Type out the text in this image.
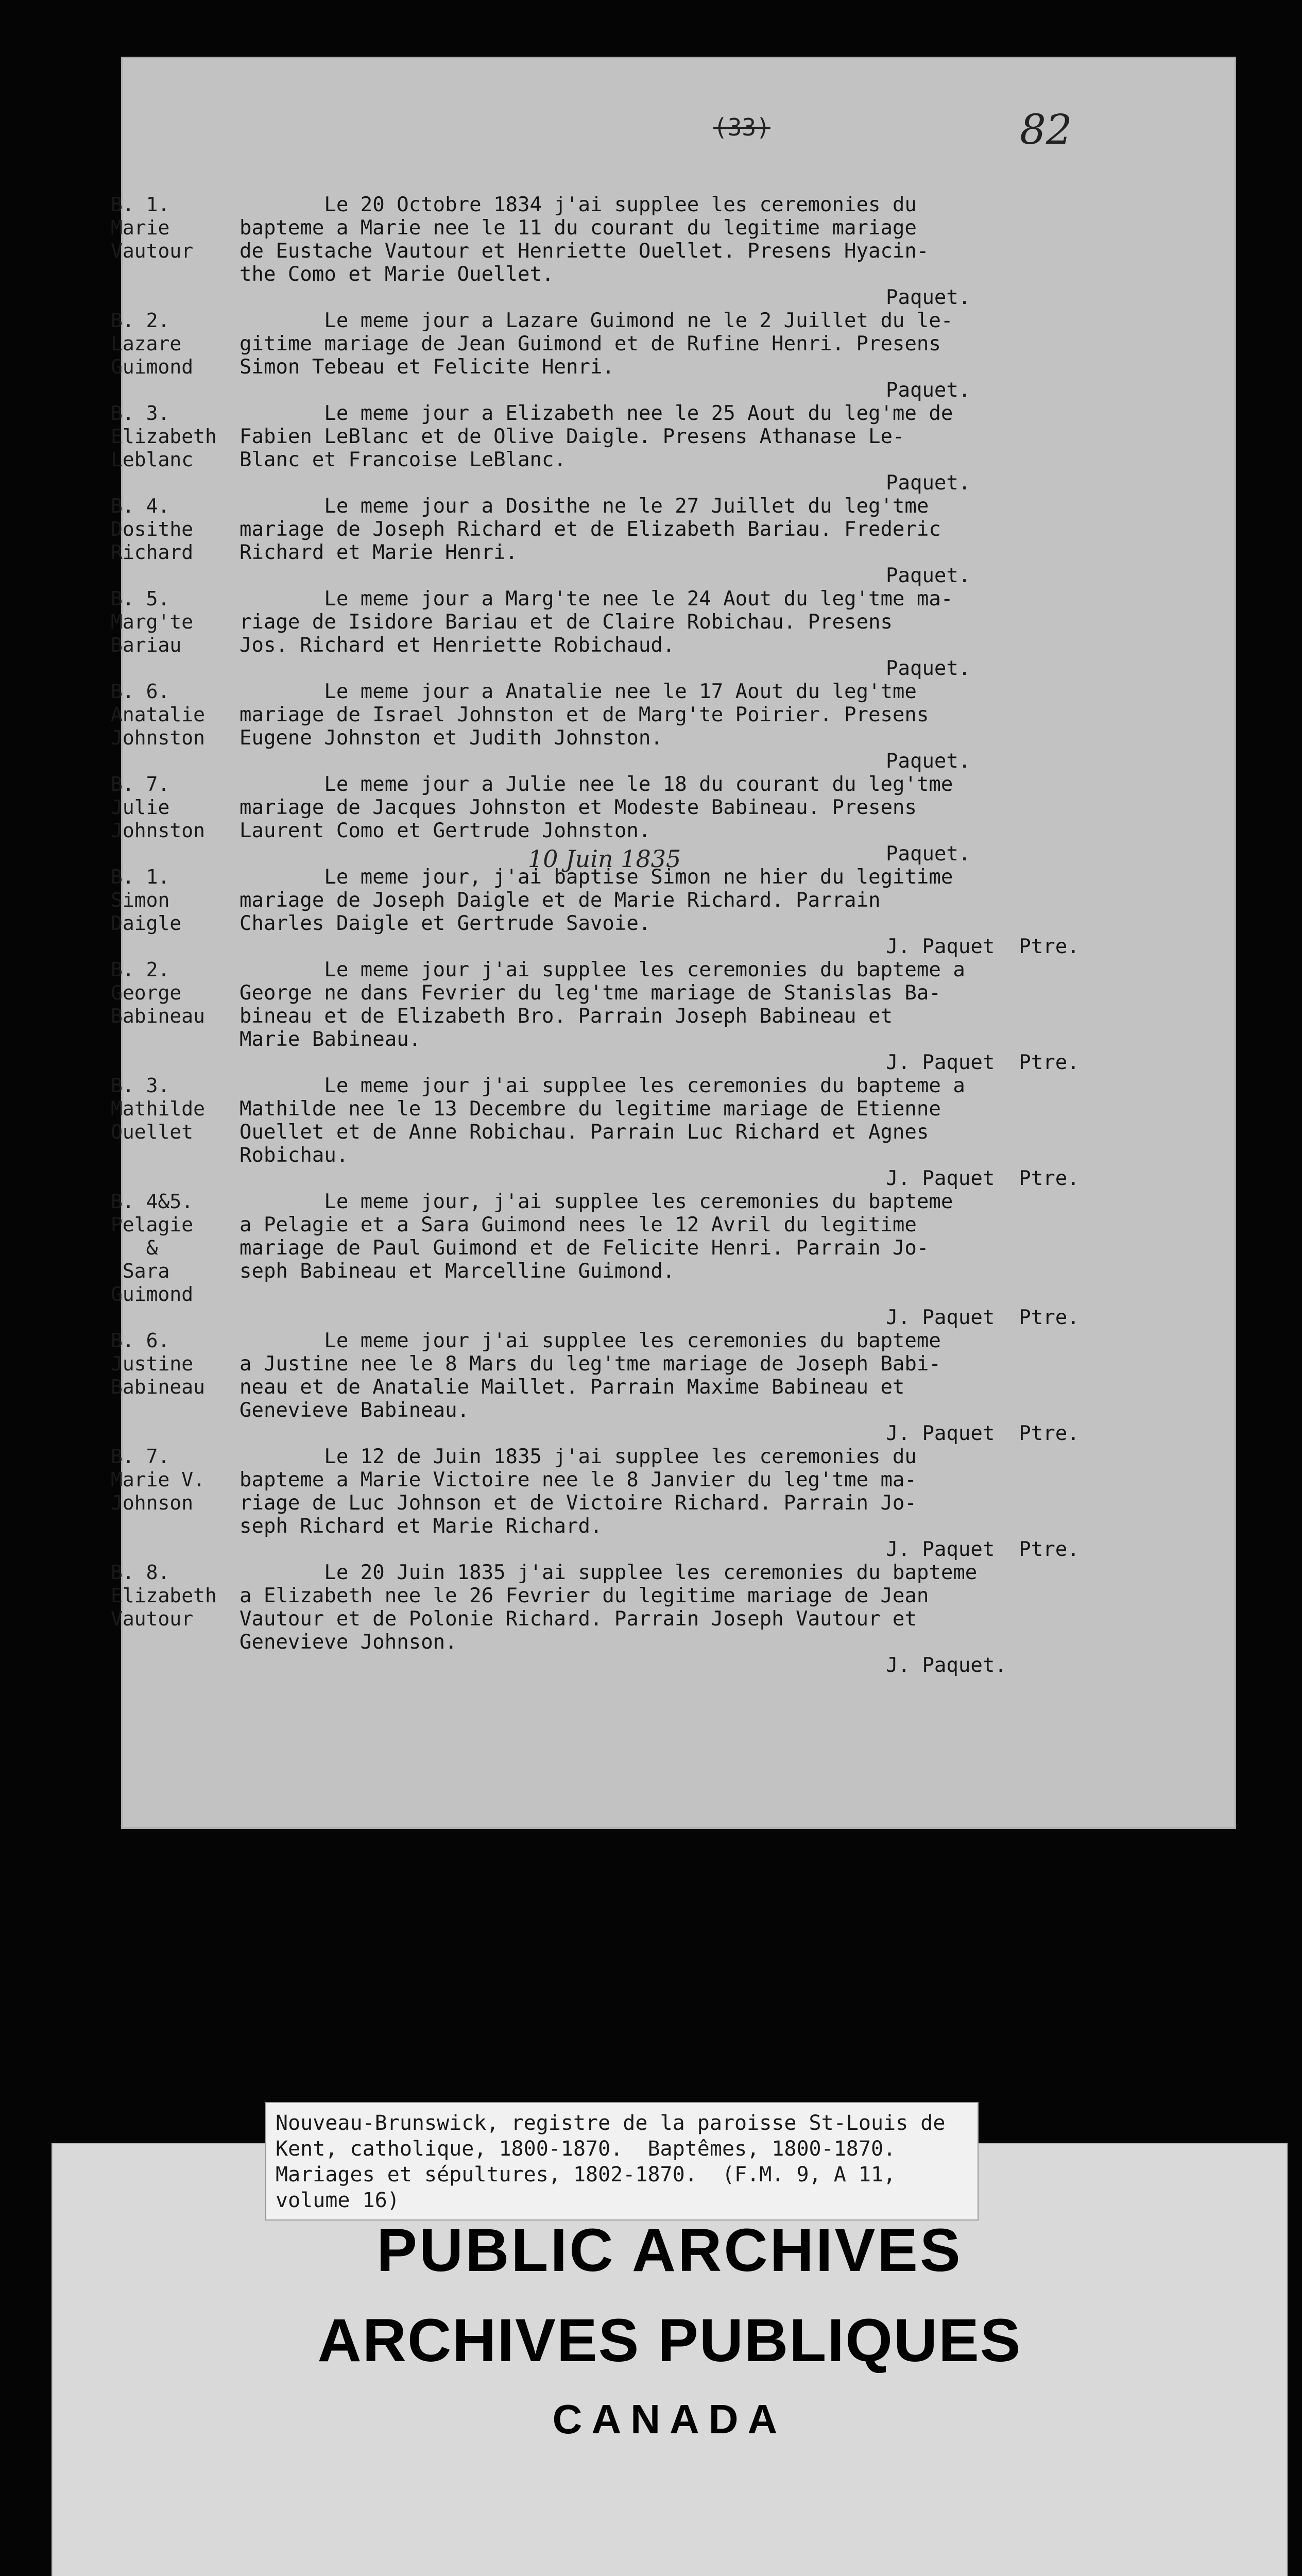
(33)	82
B. 1.
Marie
Vautour
Le 20 Octobre 1834 j'ai supplee les ceremonies du
bapteme a Marie nee le 11 du courant du legitime mariage
de Eustache Vautour et Henriette Ouellet. Presens Hyacin-
the Como et Marie Ouellet.
Paquet.
B. 2.
Lazare
Guimond
Le meme jour a Lazare Guimond ne le 2 Juillet du le-
gitime mariage de Jean Guimond et de Rufine Henri. Presens
Simon Tebeau et Felicite Henri.
Paquet.
B. 3.
Elizabeth
Leblanc
Le meme jour a Elizabeth nee le 25 Aout du leg'me de
Fabien LeBlanc et de Olive Daigle. Presens Athanase Le-
Blanc et Francoise LeBlanc.
Paquet.
B. 4.
Dosithe
Richard
Le meme jour a Dosithe ne le 27 Juillet du leg'tme
mariage de Joseph Richard et de Elizabeth Bariau. Frederic
Richard et Marie Henri.
Paquet.
B. 5.
Marg'te
Bariau
Le meme jour a Marg'te nee le 24 Aout du leg'tme ma-
riage de Isidore Bariau et de Claire Robichau. Presens
Jos. Richard et Henriette Robichaud.
Paquet.
B. 6.
Anatalie
Johnston
Le meme jour a Anatalie nee le 17 Aout du leg'tme
mariage de Israel Johnston et de Marg'te Poirier. Presens
Eugene Johnston et Judith Johnston.
Paquet.
B. 7.
Julie
Johnston
Le meme jour a Julie nee le 18 du courant du leg'tme
mariage de Jacques Johnston et Modeste Babineau. Presens
Laurent Como et Gertrude Johnston.
Paquet.
10 Juin 1835
B. 1.
Simon
Daigle
Le meme jour, j'ai baptise Simon ne hier du legitime
mariage de Joseph Daigle et de Marie Richard. Parrain
Charles Daigle et Gertrude Savoie.
J. Paquet  Ptre.
B. 2.
George
Babineau
Le meme jour j'ai supplee les ceremonies du bapteme a
George ne dans Fevrier du leg'tme mariage de Stanislas Ba-
bineau et de Elizabeth Bro. Parrain Joseph Babineau et
Marie Babineau.
J. Paquet  Ptre.
B. 3.
Mathilde
Ouellet
Le meme jour j'ai supplee les ceremonies du bapteme a
Mathilde nee le 13 Decembre du legitime mariage de Etienne
Ouellet et de Anne Robichau. Parrain Luc Richard et Agnes
Robichau.
J. Paquet  Ptre.
B. 4&5.
Pelagie
&
Sara
Guimond
Le meme jour, j'ai supplee les ceremonies du bapteme
a Pelagie et a Sara Guimond nees le 12 Avril du legitime
mariage de Paul Guimond et de Felicite Henri. Parrain Jo-
seph Babineau et Marcelline Guimond.
J. Paquet  Ptre.
B. 6.
Justine
Babineau
Le meme jour j'ai supplee les ceremonies du bapteme
a Justine nee le 8 Mars du leg'tme mariage de Joseph Babi-
neau et de Anatalie Maillet. Parrain Maxime Babineau et
Genevieve Babineau.
J. Paquet  Ptre.
B. 7.
Marie V.
Johnson
Le 12 de Juin 1835 j'ai supplee les ceremonies du
bapteme a Marie Victoire nee le 8 Janvier du leg'tme ma-
riage de Luc Johnson et de Victoire Richard. Parrain Jo-
seph Richard et Marie Richard.
J. Paquet  Ptre.
B. 8.
Elizabeth
Vautour
Le 20 Juin 1835 j'ai supplee les ceremonies du bapteme
a Elizabeth nee le 26 Fevrier du legitime mariage de Jean
Vautour et de Polonie Richard. Parrain Joseph Vautour et
Genevieve Johnson.
J. Paquet.
Nouveau-Brunswick, registre de la paroisse St-Louis de Kent, catholique, 1800-1870.  Baptêmes, 1800-1870. Mariages et sépultures, 1802-1870.  (F.M. 9, A 11, volume 16)
PUBLIC ARCHIVES
ARCHIVES PUBLIQUES
CANADA
